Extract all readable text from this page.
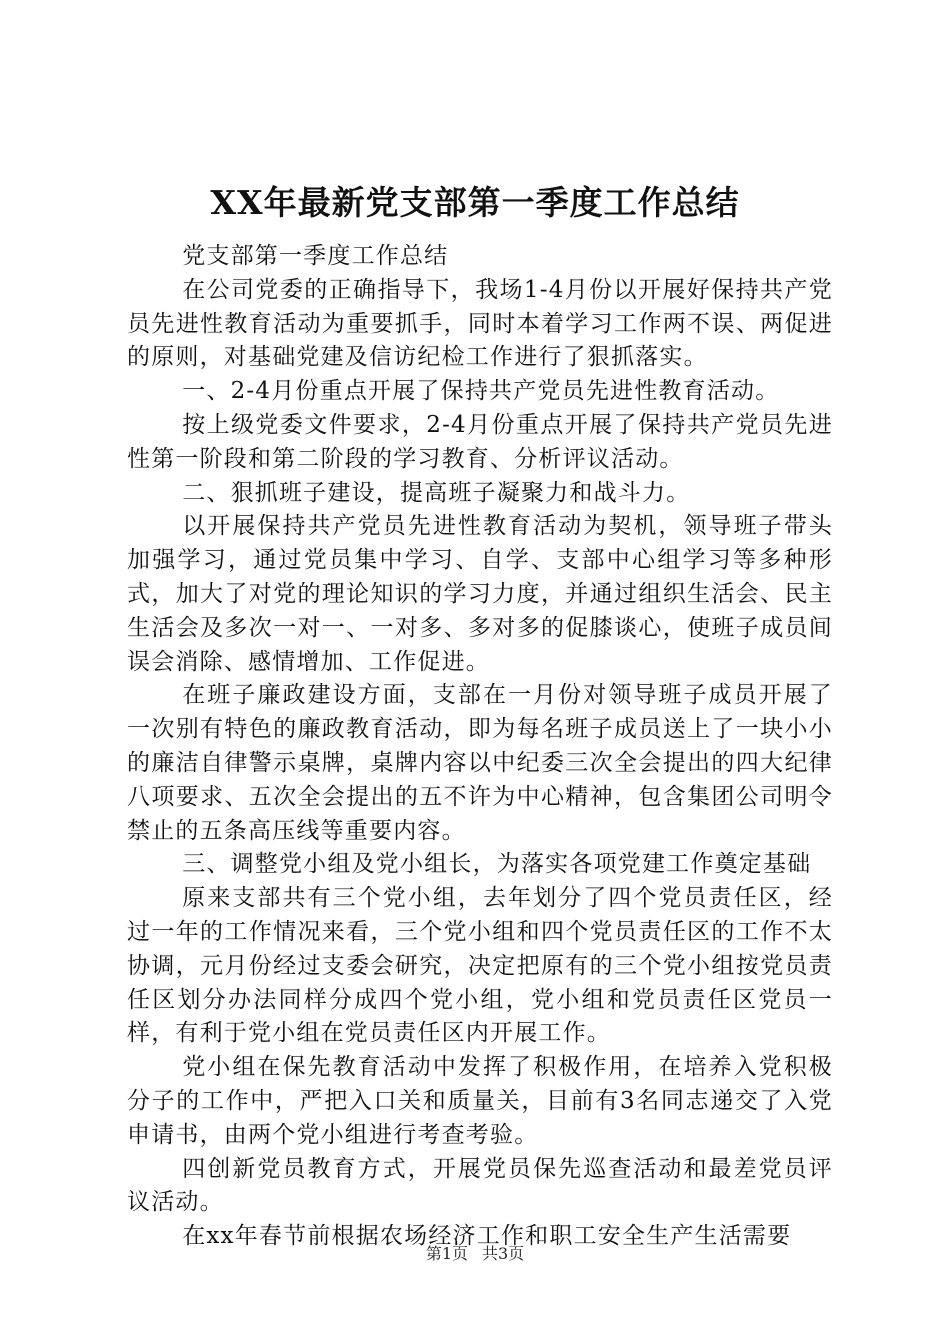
XX年最新党支部第一季度工作总结

党支部第一季度工作总结

在公司党委的正确指导下，我场1-4月份以开展好保持共产党员先进性教育活动为重要抓手，同时本着学习工作两不误、两促进的原则，对基础党建及信访纪检工作进行了狠抓落实。

一、2-4月份重点开展了保持共产党员先进性教育活动。

按上级党委文件要求，2-4月份重点开展了保持共产党员先进性第一阶段和第二阶段的学习教育、分析评议活动。

二、狠抓班子建设，提高班子凝聚力和战斗力。

以开展保持共产党员先进性教育活动为契机，领导班子带头加强学习，通过党员集中学习、自学、支部中心组学习等多种形式，加大了对党的理论知识的学习力度，并通过组织生活会、民主生活会及多次一对一、一对多、多对多的促膝谈心，使班子成员间误会消除、感情增加、工作促进。

在班子廉政建设方面，支部在一月份对领导班子成员开展了一次别有特色的廉政教育活动，即为每名班子成员送上了一块小小的廉洁自律警示桌牌，桌牌内容以中纪委三次全会提出的四大纪律八项要求、五次全会提出的五不许为中心精神，包含集团公司明令禁止的五条高压线等重要内容。

三、调整党小组及党小组长，为落实各项党建工作奠定基础

原来支部共有三个党小组，去年划分了四个党员责任区，经过一年的工作情况来看，三个党小组和四个党员责任区的工作不太协调，元月份经过支委会研究，决定把原有的三个党小组按党员责任区划分办法同样分成四个党小组，党小组和党员责任区党员一样，有利于党小组在党员责任区内开展工作。

党小组在保先教育活动中发挥了积极作用，在培养入党积极分子的工作中，严把入口关和质量关，目前有3名同志递交了入党申请书，由两个党小组进行考查考验。

四创新党员教育方式，开展党员保先巡查活动和最差党员评议活动。

在xx年春节前根据农场经济工作和职工安全生产生活需要

第1页 共3页
